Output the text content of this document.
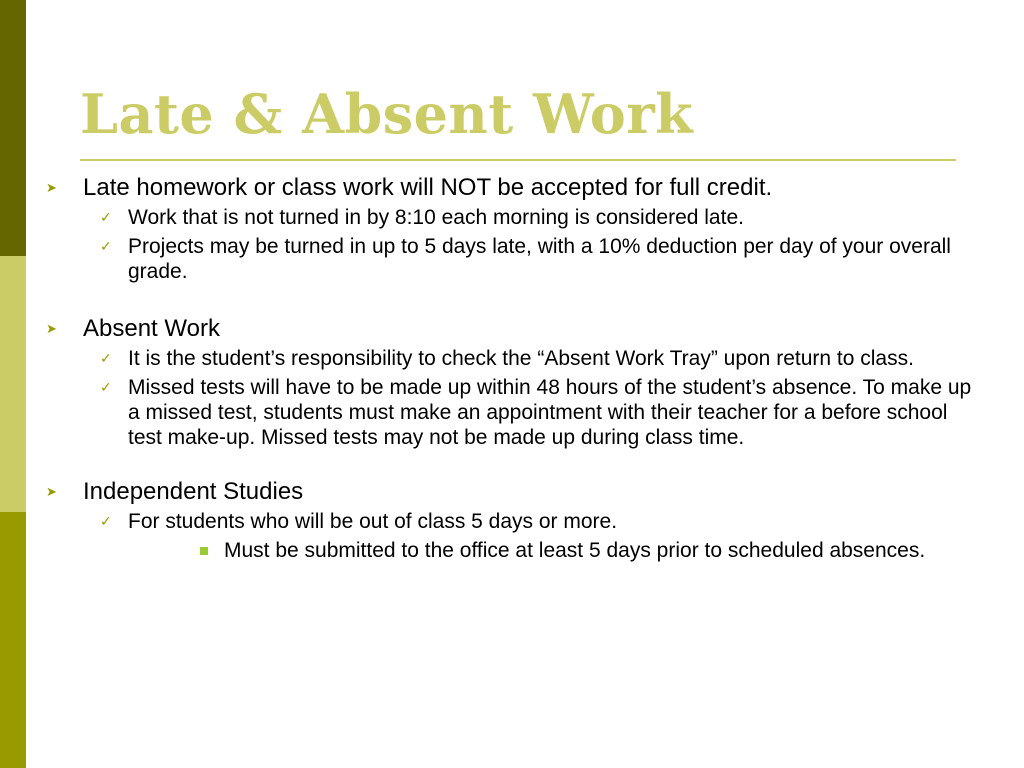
Late & Absent Work
➤	Late homework or class work will NOT be accepted for full credit.
✓ Work that is not turned in by 8:10 each morning is considered late.
✓ Projects may be turned in up to 5 days late, with a 10% deduction per day of your overall grade.
➤	Absent Work
✓ It is the student’s responsibility to check the “Absent Work Tray” upon return to class.
✓ Missed tests will have to be made up within 48 hours of the student’s absence. To make up a missed test, students must make an appointment with their teacher for a before school test make-up. Missed tests may not be made up during class time.
➤	Independent Studies
✓ For students who will be out of class 5 days or more.
Must be submitted to the office at least 5 days prior to scheduled absences.
